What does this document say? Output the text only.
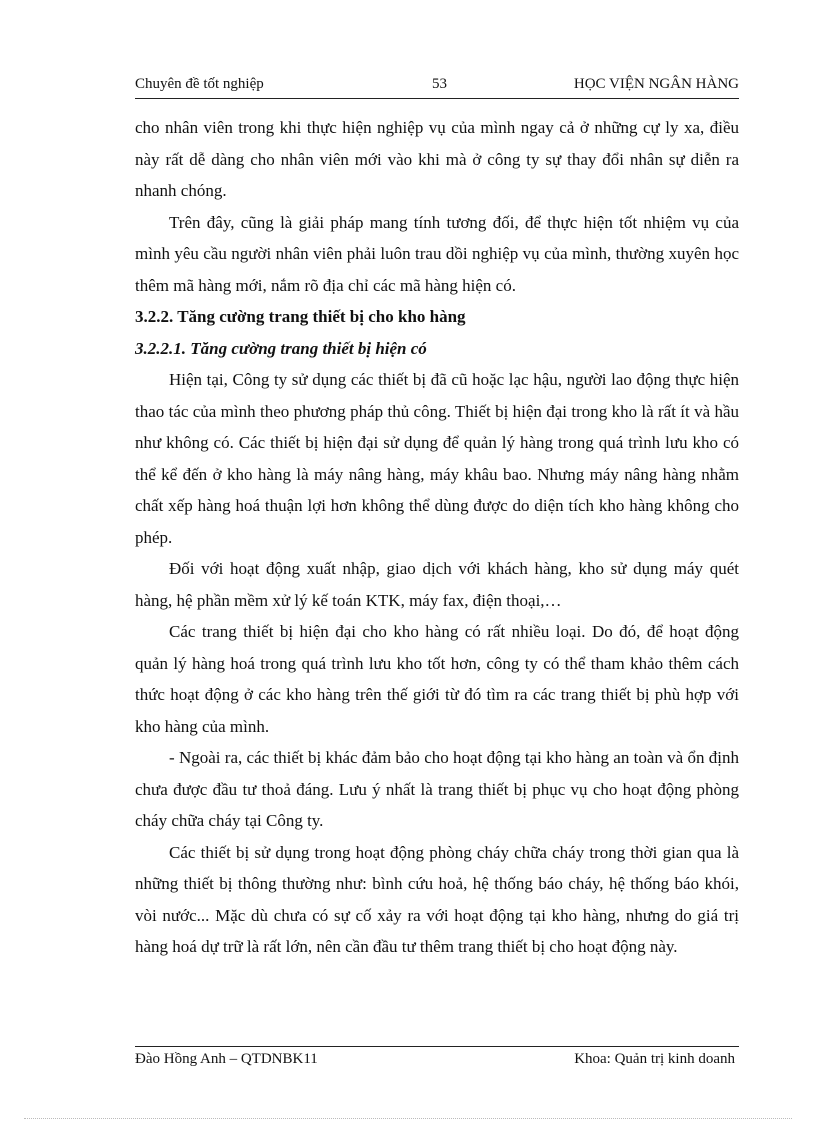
Chuyên đề tốt nghiệp	53	HỌC VIỆN NGÂN HÀNG

cho nhân viên trong khi thực hiện nghiệp vụ của mình ngay cả ở những cự ly xa, điều này rất dễ dàng cho nhân viên mới vào khi mà ở công ty sự thay đổi nhân sự diễn ra nhanh chóng.

Trên đây, cũng là giải pháp mang tính tương đối, để thực hiện tốt nhiệm vụ của mình yêu cầu người nhân viên phải luôn trau dồi nghiệp vụ của mình, thường xuyên học thêm mã hàng mới, nắm rõ địa chỉ các mã hàng hiện có.

3.2.2. Tăng cường trang thiết bị cho kho hàng

3.2.2.1. Tăng cường trang thiết bị hiện có

Hiện tại, Công ty sử dụng các thiết bị đã cũ hoặc lạc hậu, người lao động thực hiện thao tác của mình theo phương pháp thủ công. Thiết bị hiện đại trong kho là rất ít và hầu như không có. Các thiết bị hiện đại sử dụng để quản lý hàng trong quá trình lưu kho có thể kể đến ở kho hàng là máy nâng hàng, máy khâu bao. Nhưng máy nâng hàng nhằm chất xếp hàng hoá thuận lợi hơn không thể dùng được do diện tích kho hàng không cho phép.

Đối với hoạt động xuất nhập, giao dịch với khách hàng, kho sử dụng máy quét hàng, hệ phần mềm xử lý kế toán KTK, máy fax, điện thoại,…

Các trang thiết bị hiện đại cho kho hàng có rất nhiều loại. Do đó, để hoạt động quản lý hàng hoá trong quá trình lưu kho tốt hơn, công ty có thể tham khảo thêm cách thức hoạt động ở các kho hàng trên thế giới từ đó tìm ra các trang thiết bị phù hợp với kho hàng của mình.

- Ngoài ra, các thiết bị khác đảm bảo cho hoạt động tại kho hàng an toàn và ổn định chưa được đầu tư thoả đáng. Lưu ý nhất là trang thiết bị phục vụ cho hoạt động phòng cháy chữa cháy tại Công ty.

Các thiết bị sử dụng trong hoạt động phòng cháy chữa cháy trong thời gian qua là những thiết bị thông thường như: bình cứu hoả, hệ thống báo cháy, hệ thống báo khói, vòi nước... Mặc dù chưa có sự cố xảy ra với hoạt động tại kho hàng, nhưng do giá trị hàng hoá dự trữ là rất lớn, nên cần đầu tư thêm trang thiết bị cho hoạt động này.

Đào Hồng Anh – QTDNBK11	Khoa: Quản trị kinh doanh
